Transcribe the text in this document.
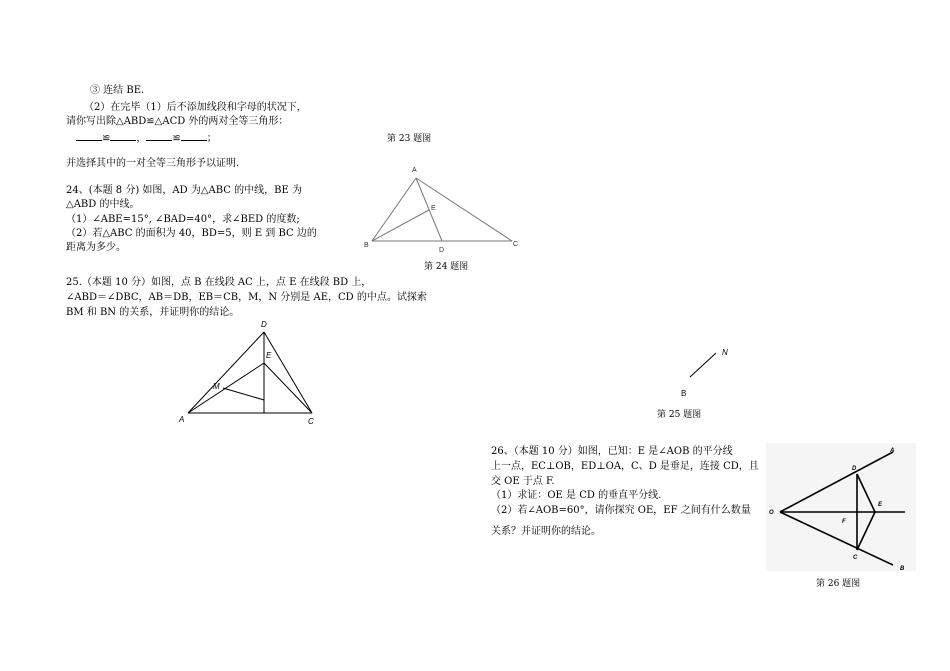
③ 连结 BE.
（2）在完毕（1）后不添加线段和字母的状况下，
请你写出除△ABD≌△ACD 外的两对全等三角形：
≌	，	≌	；	第 23 题图
并选择其中的一对全等三角形予以证明.
24、(本题 8 分) 如图，AD 为△ABC 的中线，BE 为
△ABD 的中线。
（1）∠ABE=15°, ∠BAD=40°，求∠BED 的度数;
（2）若△ABC 的面积为 40，BD=5，则 E 到 BC 边的
距离为多少。
A
E
B
D
C
第 24 题图
25.（本题 10 分）如图，点 B 在线段 AC 上，点 E 在线段 BD 上，
∠ABD＝∠DBC，AB＝DB，EB＝CB，M，N 分别是 AE，CD 的中点。试探索
BM 和 BN 的关系，并证明你的结论。
D
E
M
A	C
N
B
第 25 题图
26、（本题 10 分）如图，已知：E 是∠AOB 的平分线
上一点，EC⊥OB，ED⊥OA，C、D 是垂足，连接 CD，且
交 OE 于点 F.
（1）求证：OE 是 CD 的垂直平分线.
（2）若∠AOB=60°，请你探究 OE，EF 之间有什么数量
关系？并证明你的结论。
A
D
O
E
F
C
B
第 26 题图
